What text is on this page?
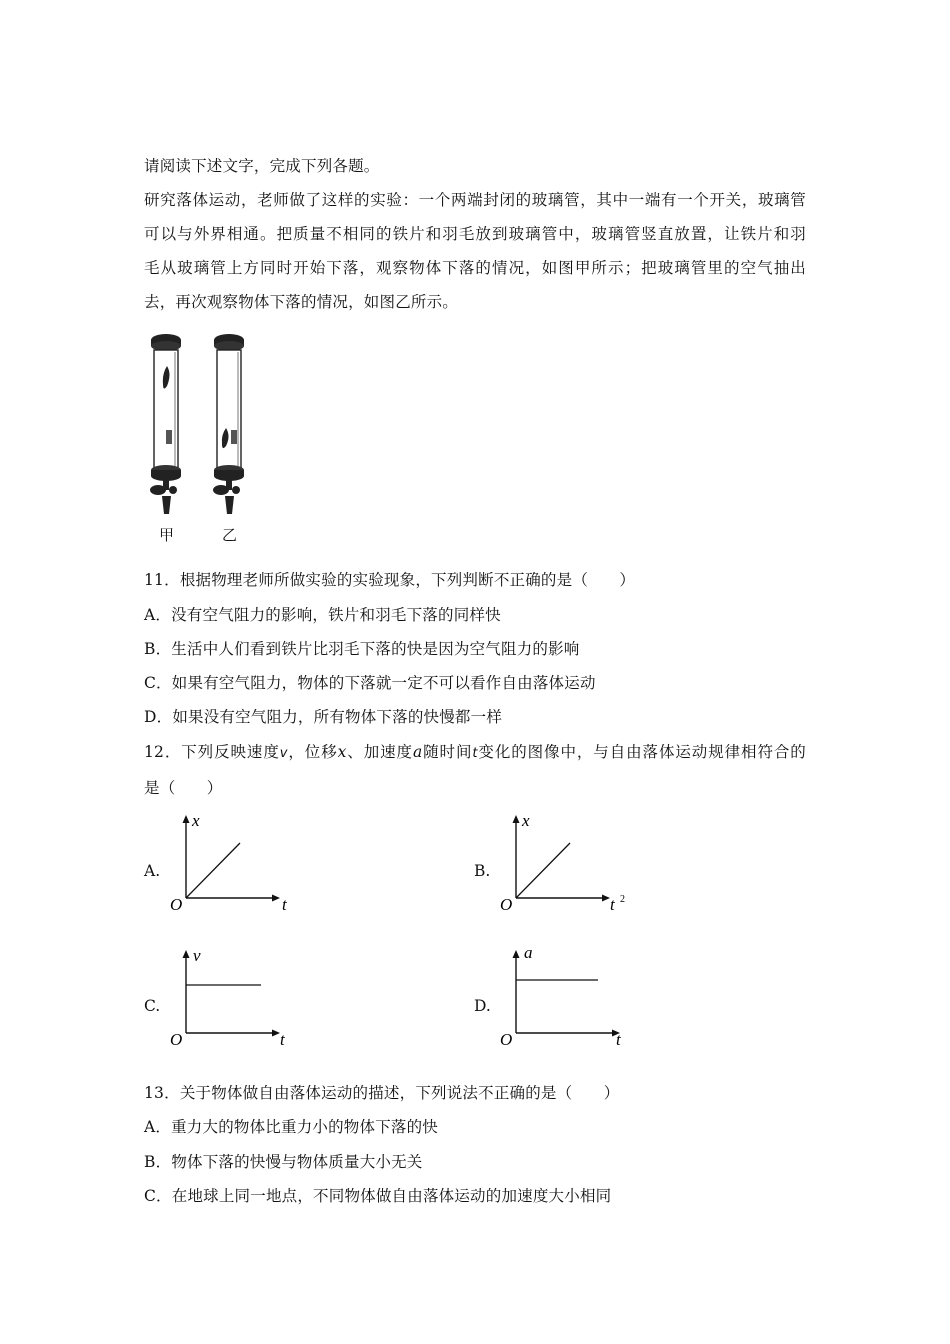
请阅读下述文字，完成下列各题。
研究落体运动，老师做了这样的实验：一个两端封闭的玻璃管，其中一端有一个开关，玻璃管
可以与外界相通。把质量不相同的铁片和羽毛放到玻璃管中，玻璃管竖直放置，让铁片和羽
毛从玻璃管上方同时开始下落，观察物体下落的情况，如图甲所示；把玻璃管里的空气抽出
去，再次观察物体下落的情况，如图乙所示。
甲	乙
11．根据物理老师所做实验的实验现象，下列判断不正确的是（　　）
A．没有空气阻力的影响，铁片和羽毛下落的同样快
B．生活中人们看到铁片比羽毛下落的快是因为空气阻力的影响
C．如果有空气阻力，物体的下落就一定不可以看作自由落体运动
D．如果没有空气阻力，所有物体下落的快慢都一样
12．下列反映速度v，位移x、加速度a随时间t变化的图像中，与自由落体运动规律相符合的
是（　　）
A.
x
O	t
B.
x
O	t 2
C.
v
O	t
D.
a
O	t
13．关于物体做自由落体运动的描述，下列说法不正确的是（　　）
A．重力大的物体比重力小的物体下落的快
B．物体下落的快慢与物体质量大小无关
C．在地球上同一地点，不同物体做自由落体运动的加速度大小相同
